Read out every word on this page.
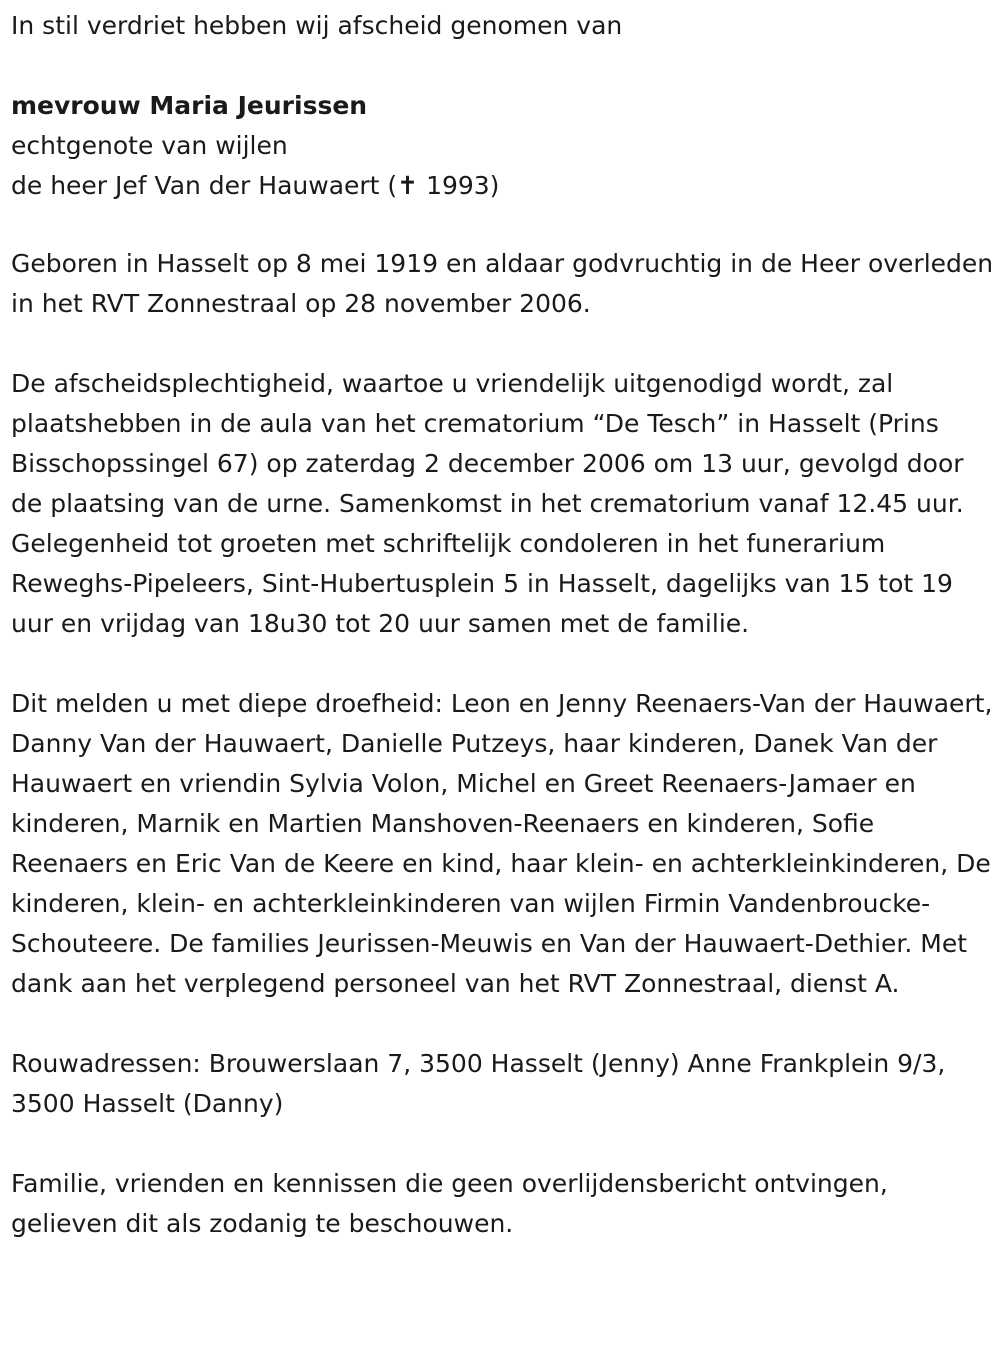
In stil verdriet hebben wij afscheid genomen van

mevrouw Maria Jeurissen

echtgenote van wijlen

de heer Jef Van der Hauwaert (✝ 1993)

Geboren in Hasselt op 8 mei 1919 en aldaar godvruchtig in de Heer overleden in het RVT Zonnestraal op 28 november 2006.

De afscheidsplechtigheid, waartoe u vriendelijk uitgenodigd wordt, zal plaatshebben in de aula van het crematorium “De Tesch” in Hasselt (Prins Bisschopssingel 67) op zaterdag 2 december 2006 om 13 uur, gevolgd door de plaatsing van de urne. Samenkomst in het crematorium vanaf 12.45 uur. Gelegenheid tot groeten met schriftelijk condoleren in het funerarium Reweghs-Pipeleers, Sint-Hubertusplein 5 in Hasselt, dagelijks van 15 tot 19 uur en vrijdag van 18u30 tot 20 uur samen met de familie.

Dit melden u met diepe droefheid: Leon en Jenny Reenaers-Van der Hauwaert, Danny Van der Hauwaert, Danielle Putzeys, haar kinderen, Danek Van der Hauwaert en vriendin Sylvia Volon, Michel en Greet Reenaers-Jamaer en kinderen, Marnik en Martien Manshoven-Reenaers en kinderen, Sofie Reenaers en Eric Van de Keere en kind, haar klein- en achterkleinkinderen, De kinderen, klein- en achterkleinkinderen van wijlen Firmin Vandenbroucke-Schouteere. De families Jeurissen-Meuwis en Van der Hauwaert-Dethier. Met dank aan het verplegend personeel van het RVT Zonnestraal, dienst A.

Rouwadressen: Brouwerslaan 7, 3500 Hasselt (Jenny) Anne Frankplein 9/3, 3500 Hasselt (Danny)

Familie, vrienden en kennissen die geen overlijdensbericht ontvingen, gelieven dit als zodanig te beschouwen.
